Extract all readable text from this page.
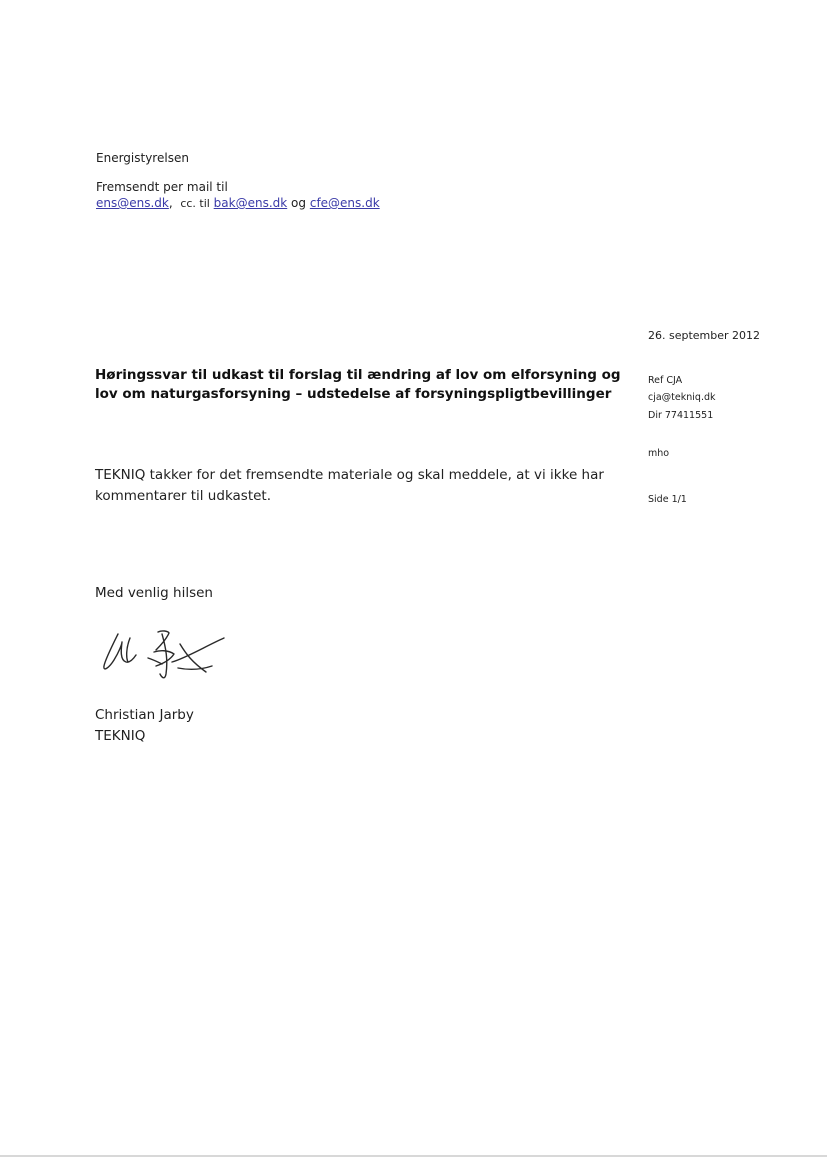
Energistyrelsen
Fremsendt per mail til
ens@ens.dk,  cc. til bak@ens.dk og cfe@ens.dk
26. september 2012
Høringssvar til udkast til forslag til ændring af lov om elforsyning og
lov om naturgasforsyning – udstedelse af forsyningspligtbevillinger
Ref CJA
cja@tekniq.dk
Dir 77411551
mho
Side 1/1
TEKNIQ takker for det fremsendte materiale og skal meddele, at vi ikke har
kommentarer til udkastet.
Med venlig hilsen
Christian Jarby
TEKNIQ
